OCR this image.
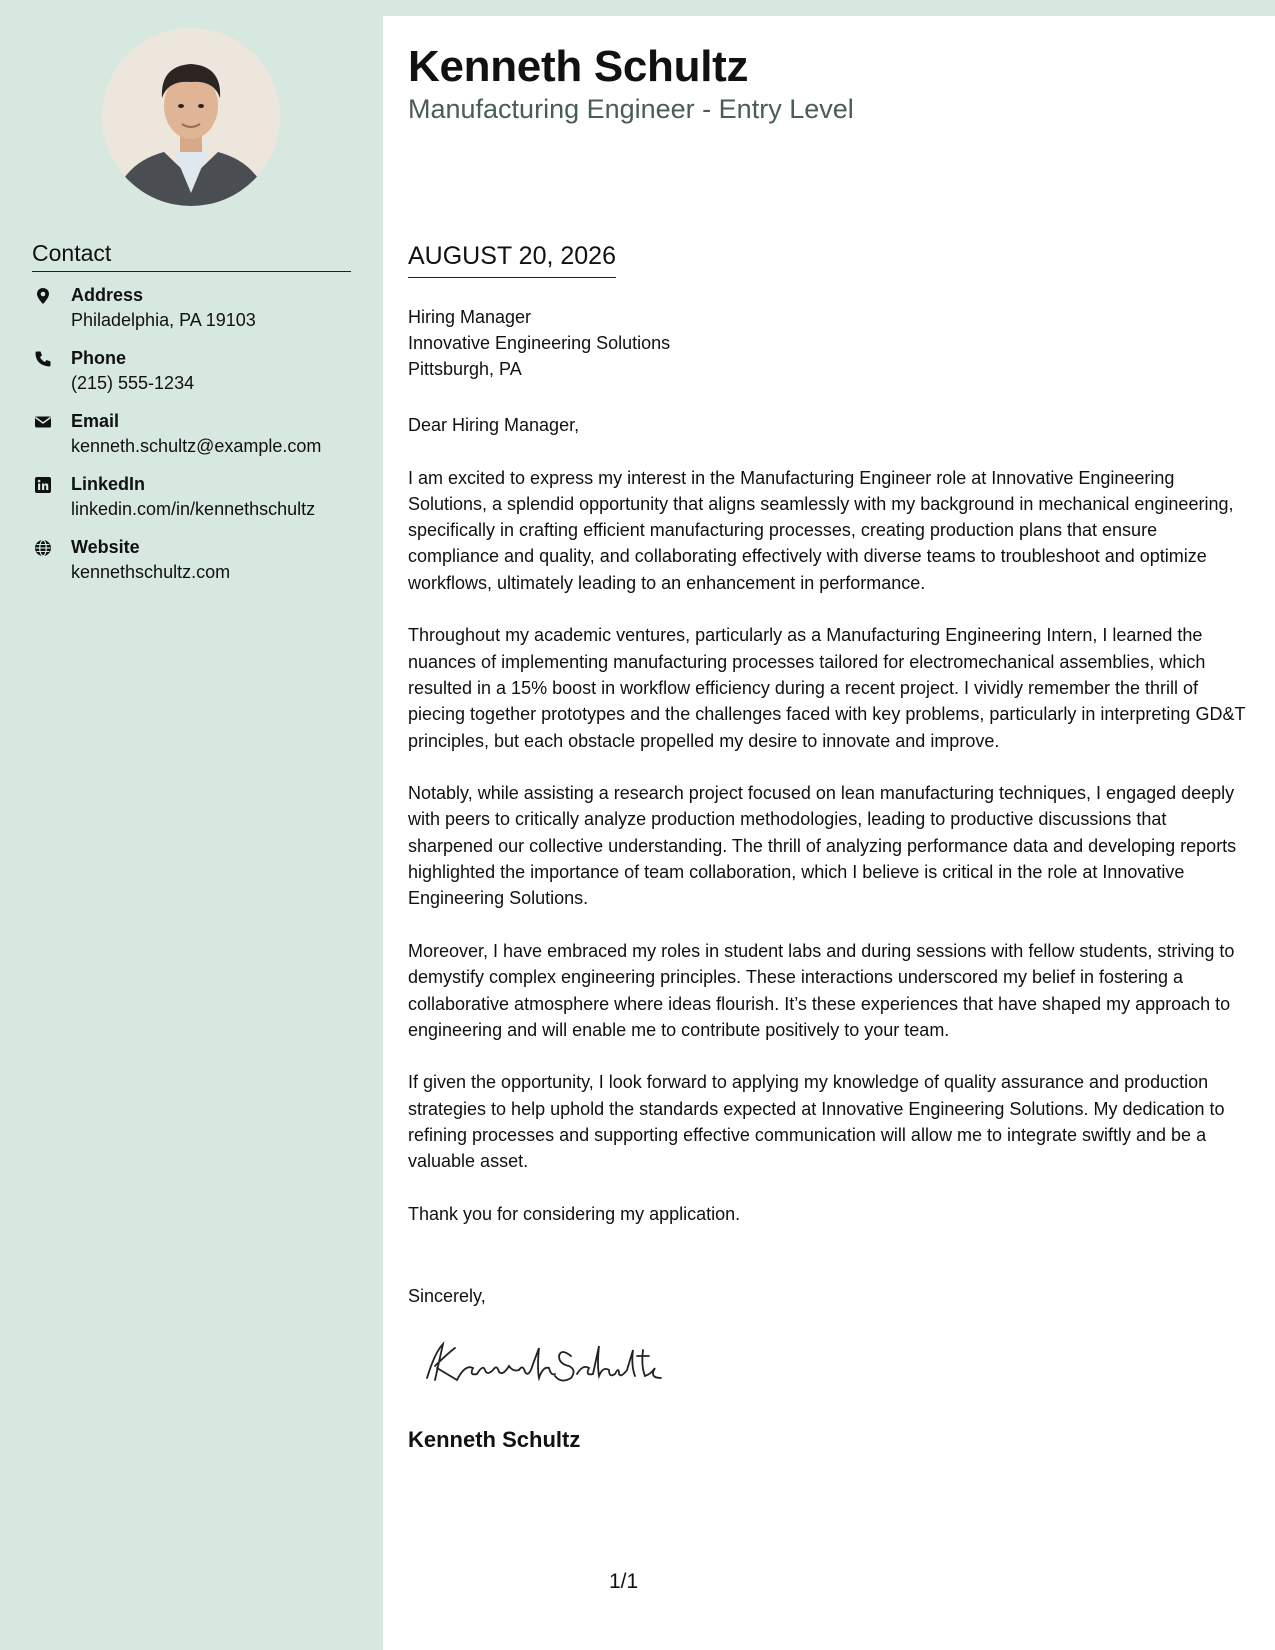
Contact
Address
Philadelphia, PA 19103
Phone
(215) 555-1234
Email
kenneth.schultz@example.com
LinkedIn
linkedin.com/in/kennethschultz
Website
kennethschultz.com
Kenneth Schultz
Manufacturing Engineer - Entry Level
AUGUST 20, 2026
Hiring Manager
Innovative Engineering Solutions
Pittsburgh, PA

Dear Hiring Manager,

I am excited to express my interest in the Manufacturing Engineer role at Innovative Engineering Solutions, a splendid opportunity that aligns seamlessly with my background in mechanical engineering, specifically in crafting efficient manufacturing processes, creating production plans that ensure compliance and quality, and collaborating effectively with diverse teams to troubleshoot and optimize workflows, ultimately leading to an enhancement in performance.

Throughout my academic ventures, particularly as a Manufacturing Engineering Intern, I learned the nuances of implementing manufacturing processes tailored for electromechanical assemblies, which resulted in a 15% boost in workflow efficiency during a recent project. I vividly remember the thrill of piecing together prototypes and the challenges faced with key problems, particularly in interpreting GD&T principles, but each obstacle propelled my desire to innovate and improve.

Notably, while assisting a research project focused on lean manufacturing techniques, I engaged deeply with peers to critically analyze production methodologies, leading to productive discussions that sharpened our collective understanding. The thrill of analyzing performance data and developing reports highlighted the importance of team collaboration, which I believe is critical in the role at Innovative Engineering Solutions.

Moreover, I have embraced my roles in student labs and during sessions with fellow students, striving to demystify complex engineering principles. These interactions underscored my belief in fostering a collaborative atmosphere where ideas flourish. It’s these experiences that have shaped my approach to engineering and will enable me to contribute positively to your team.

If given the opportunity, I look forward to applying my knowledge of quality assurance and production strategies to help uphold the standards expected at Innovative Engineering Solutions. My dedication to refining processes and supporting effective communication will allow me to integrate swiftly and be a valuable asset.

Thank you for considering my application.

Sincerely,
Kenneth Schultz
1/1
